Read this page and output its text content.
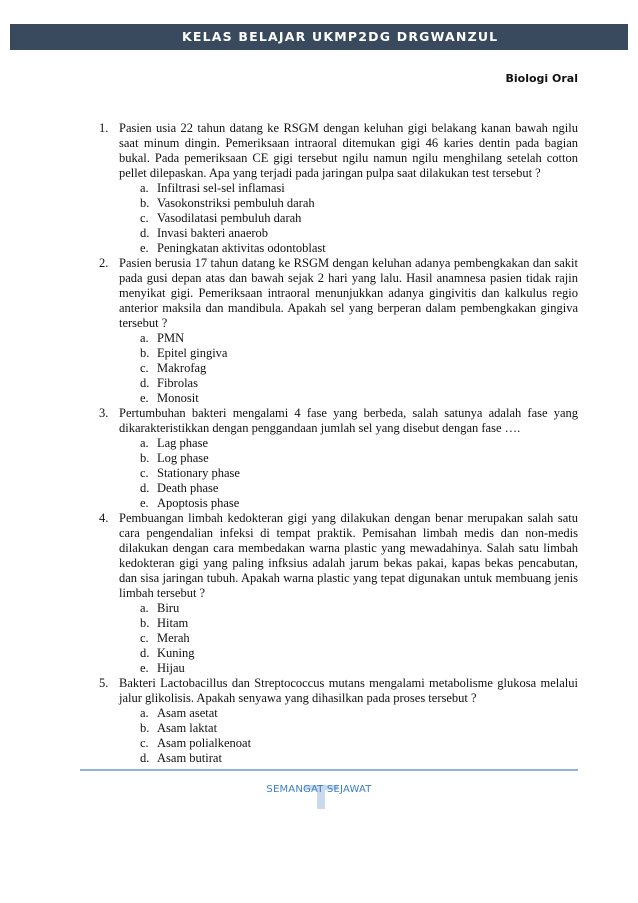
KELAS BELAJAR UKMP2DG DRGWANZUL
Biologi Oral
1. Pasien usia 22 tahun datang ke RSGM dengan keluhan gigi belakang kanan bawah ngilu saat minum dingin. Pemeriksaan intraoral ditemukan gigi 46 karies dentin pada bagian bukal. Pada pemeriksaan CE gigi tersebut ngilu namun ngilu menghilang setelah cotton pellet dilepaskan. Apa yang terjadi pada jaringan pulpa saat dilakukan test tersebut ?
a. Infiltrasi sel-sel inflamasi
b. Vasokonstriksi pembuluh darah
c. Vasodilatasi pembuluh darah
d. Invasi bakteri anaerob
e. Peningkatan aktivitas odontoblast
2. Pasien berusia 17 tahun datang ke RSGM dengan keluhan adanya pembengkakan dan sakit pada gusi depan atas dan bawah sejak 2 hari yang lalu. Hasil anamnesa pasien tidak rajin menyikat gigi. Pemeriksaan intraoral menunjukkan adanya gingivitis dan kalkulus regio anterior maksila dan mandibula. Apakah sel yang berperan dalam pembengkakan gingiva tersebut ?
a. PMN
b. Epitel gingiva
c. Makrofag
d. Fibrolas
e. Monosit
3. Pertumbuhan bakteri mengalami 4 fase yang berbeda, salah satunya adalah fase yang dikarakteristikkan dengan penggandaan jumlah sel yang disebut dengan fase ….
a. Lag phase
b. Log phase
c. Stationary phase
d. Death phase
e. Apoptosis phase
4. Pembuangan limbah kedokteran gigi yang dilakukan dengan benar merupakan salah satu cara pengendalian infeksi di tempat praktik. Pemisahan limbah medis dan non-medis dilakukan dengan cara membedakan warna plastic yang mewadahinya. Salah satu limbah kedokteran gigi yang paling infksius adalah jarum bekas pakai, kapas bekas pencabutan, dan sisa jaringan tubuh. Apakah warna plastic yang tepat digunakan untuk membuang jenis limbah tersebut ?
a. Biru
b. Hitam
c. Merah
d. Kuning
e. Hijau
5. Bakteri Lactobacillus dan Streptococcus mutans mengalami metabolisme glukosa melalui jalur glikolisis. Apakah senyawa yang dihasilkan pada proses tersebut ?
a. Asam asetat
b. Asam laktat
c. Asam polialkenoat
d. Asam butirat
SEMANGAT SEJAWAT
